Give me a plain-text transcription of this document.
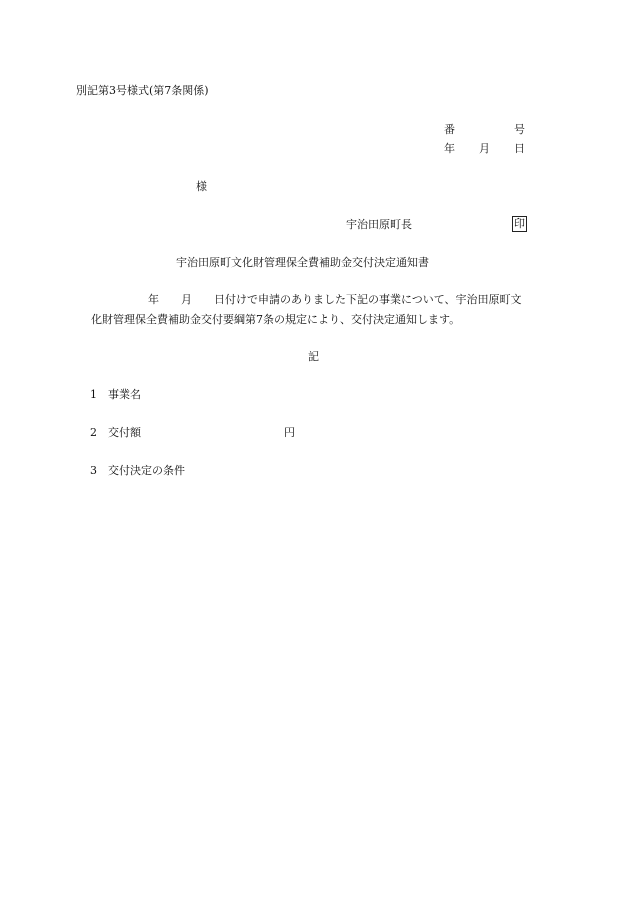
別記第3号様式(第7条関係)
番	号
年 月 日
様
宇治田原町長	印
宇治田原町文化財管理保全費補助金交付決定通知書
年 月 日付けで申請のありました下記の事業について、宇治田原町文
化財管理保全費補助金交付要綱第7条の規定により、交付決定通知します。
記
1 事業名
2 交付額	円
3 交付決定の条件
